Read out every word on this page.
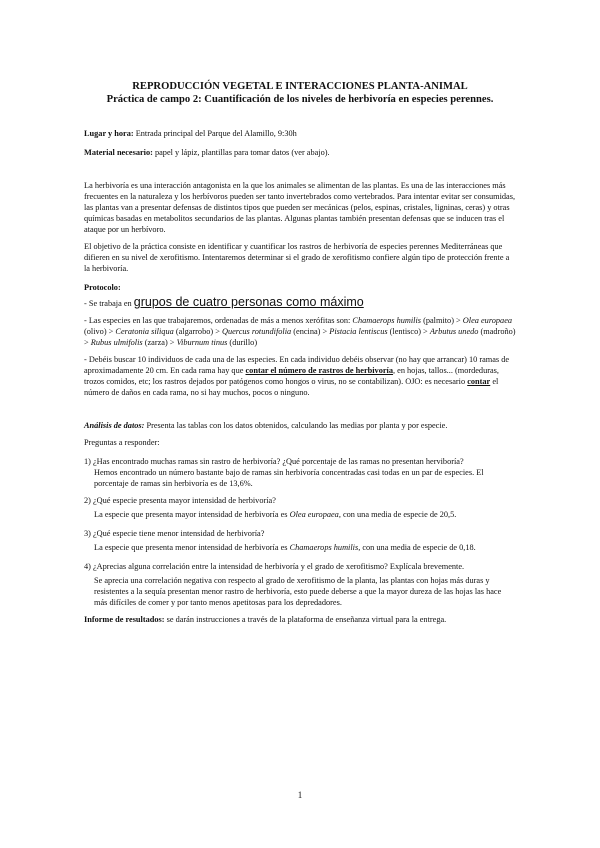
REPRODUCCIÓN VEGETAL E INTERACCIONES PLANTA-ANIMAL

Práctica de campo 2: Cuantificación de los niveles de herbivoría en especies perennes.

Lugar y hora: Entrada principal del Parque del Alamillo, 9:30h

Material necesario: papel y lápiz, plantillas para tomar datos (ver abajo).

La herbivoría es una interacción antagonista en la que los animales se alimentan de las plantas. Es una de las interacciones más frecuentes en la naturaleza y los herbívoros pueden ser tanto invertebrados como vertebrados. Para intentar evitar ser consumidas, las plantas van a presentar defensas de distintos tipos que pueden ser mecánicas (pelos, espinas, cristales, ligninas, ceras) y otras químicas basadas en metabolitos secundarios de las plantas. Algunas plantas también presentan defensas que se inducen tras el ataque por un herbívoro.

El objetivo de la práctica consiste en identificar y cuantificar los rastros de herbivoría de especies perennes Mediterráneas que difieren en su nivel de xerofitismo. Intentaremos determinar si el grado de xerofitismo confiere algún tipo de protección frente a la herbivoría.

Protocolo:

- Se trabaja en grupos de cuatro personas como máximo

- Las especies en las que trabajaremos, ordenadas de más a menos xerófitas son: Chamaerops humilis (palmito) > Olea europaea (olivo) > Ceratonia siliqua (algarrobo) > Quercus rotundifolia (encina) > Pistacia lentiscus (lentisco) > Arbutus unedo (madroño) > Rubus ulmifolis (zarza) > Viburnum tinus (durillo)

- Debéis buscar 10 individuos de cada una de las especies. En cada individuo debéis observar (no hay que arrancar) 10 ramas de aproximadamente 20 cm. En cada rama hay que contar el número de rastros de herbivoría, en hojas, tallos... (mordeduras, trozos comidos, etc; los rastros dejados por patógenos como hongos o virus, no se contabilizan). OJO: es necesario contar el número de daños en cada rama, no si hay muchos, pocos o ninguno.

Análisis de datos: Presenta las tablas con los datos obtenidos, calculando las medias por planta y por especie.

Preguntas a responder:

1) ¿Has encontrado muchas ramas sin rastro de herbivoría? ¿Qué porcentaje de las ramas no presentan herviboría?

Hemos encontrado un número bastante bajo de ramas sin herbivoría concentradas casi todas en un par de especies. El porcentaje de ramas sin herbivoría es de 13,6%.

2) ¿Qué especie presenta mayor intensidad de herbivoría?

La especie que presenta mayor intensidad de herbivoría es Olea europaea, con una media de especie de 20,5.

3) ¿Qué especie tiene menor intensidad de herbivoría?

La especie que presenta menor intensidad de herbivoría es Chamaerops humilis, con una media de especie de 0,18.

4) ¿Aprecias alguna correlación entre la intensidad de herbivoría y el grado de xerofitismo? Explícala brevemente.

Se aprecia una correlación negativa con respecto al grado de xerofitismo de la planta, las plantas con hojas más duras y resistentes a la sequía presentan menor rastro de herbivoría, esto puede deberse a que la mayor dureza de las hojas las hace más difíciles de comer y por tanto menos apetitosas para los depredadores.

Informe de resultados: se darán instrucciones a través de la plataforma de enseñanza virtual para la entrega.

1
